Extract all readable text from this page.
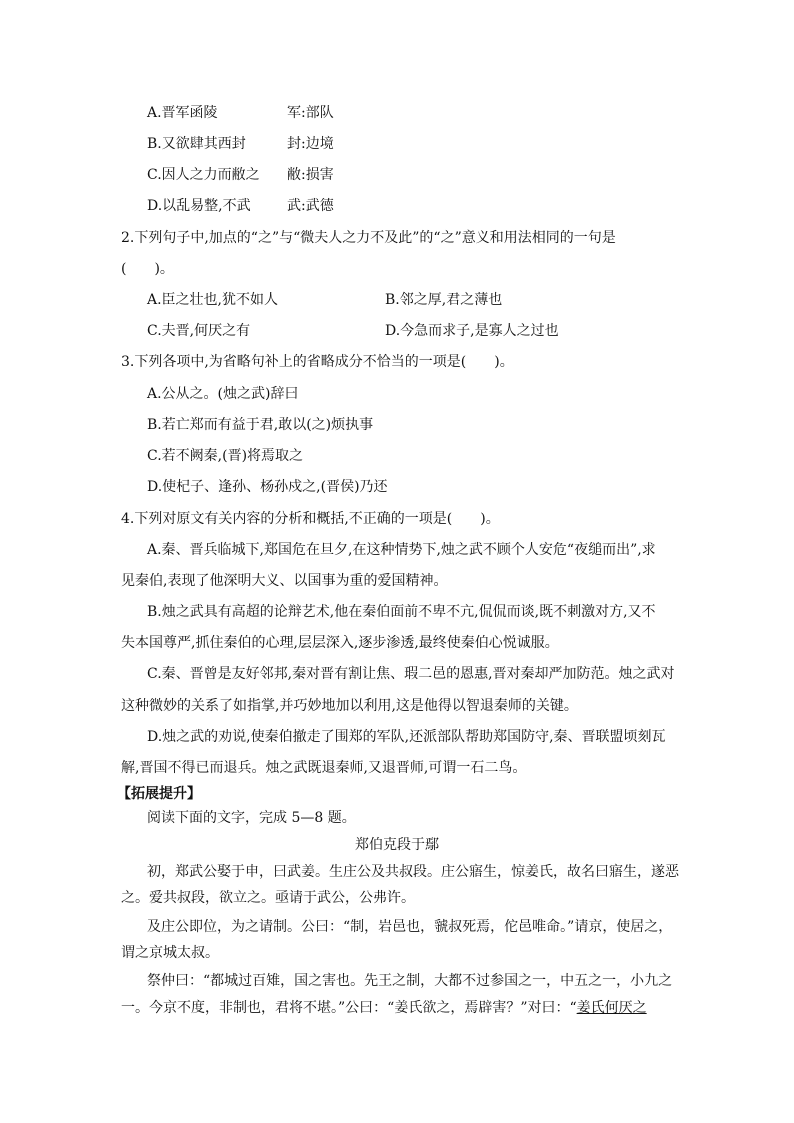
A.晋军函陵	军:部队
B.又欲肆其西封	封:边境
C.因人之力而敝之 敝:损害
D.以乱易整,不武	武:武德
2.下列句子中,加点的“之”与“微夫人之力不及此”的“之”意义和用法相同的一句是
(　　)。
A.臣之壮也,犹不如人	B.邻之厚,君之薄也
C.夫晋,何厌之有	D.今急而求子,是寡人之过也
3.下列各项中,为省略句补上的省略成分不恰当的一项是(　　)。
A.公从之。(烛之武)辞曰
B.若亡郑而有益于君,敢以(之)烦执事
C.若不阙秦,(晋)将焉取之
D.使杞子、逢孙、杨孙戍之,(晋侯)乃还
4.下列对原文有关内容的分析和概括,不正确的一项是(　　)。
A.秦、晋兵临城下,郑国危在旦夕,在这种情势下,烛之武不顾个人安危“夜缒而出”,求
见秦伯,表现了他深明大义、以国事为重的爱国精神。
B.烛之武具有高超的论辩艺术,他在秦伯面前不卑不亢,侃侃而谈,既不刺激对方,又不
失本国尊严,抓住秦伯的心理,层层深入,逐步渗透,最终使秦伯心悦诚服。
C.秦、晋曾是友好邻邦,秦对晋有割让焦、瑕二邑的恩惠,晋对秦却严加防范。烛之武对
这种微妙的关系了如指掌,并巧妙地加以利用,这是他得以智退秦师的关键。
D.烛之武的劝说,使秦伯撤走了围郑的军队,还派部队帮助郑国防守,秦、晋联盟顷刻瓦
解,晋国不得已而退兵。烛之武既退秦师,又退晋师,可谓一石二鸟。
【拓展提升】
阅读下面的文字，完成 5—8 题。
郑伯克段于鄢
初，郑武公娶于申，曰武姜。生庄公及共叔段。庄公寤生，惊姜氏，故名曰寤生，遂恶
之。爱共叔段，欲立之。亟请于武公，公弗许。
及庄公即位，为之请制。公曰：“制，岩邑也，虢叔死焉，佗邑唯命。”请京，使居之，
谓之京城太叔。
祭仲曰：“都城过百雉，国之害也。先王之制，大都不过参国之一，中五之一，小九之
一。今京不度，非制也，君将不堪。”公曰：“姜氏欲之，焉辟害？”对曰：“姜氏何厌之
